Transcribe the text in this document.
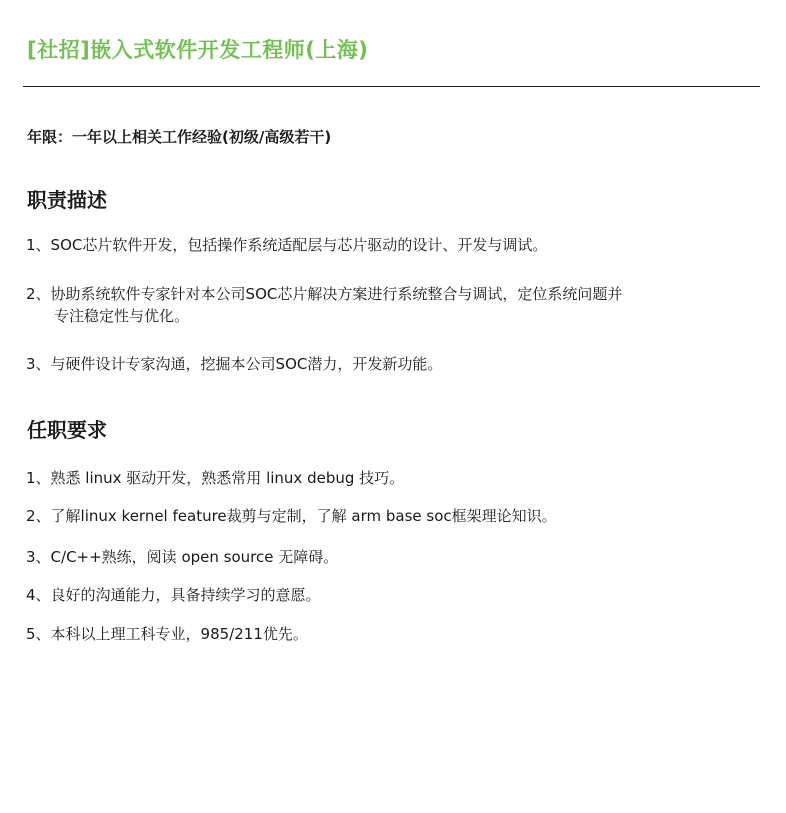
[社招]嵌入式软件开发工程师(上海)

年限：一年以上相关工作经验(初级/高级若干)

职责描述

1、SOC芯片软件开发，包括操作系统适配层与芯片驱动的设计、开发与调试。

2、协助系统软件专家针对本公司SOC芯片解决方案进行系统整合与调试，定位系统问题并
专注稳定性与优化。

3、与硬件设计专家沟通，挖掘本公司SOC潜力，开发新功能。

任职要求

1、熟悉 linux 驱动开发，熟悉常用 linux debug 技巧。

2、了解linux kernel feature裁剪与定制，了解 arm base soc框架理论知识。

3、C/C++熟练，阅读 open source 无障碍。

4、良好的沟通能力，具备持续学习的意愿。

5、本科以上理工科专业，985/211优先。
